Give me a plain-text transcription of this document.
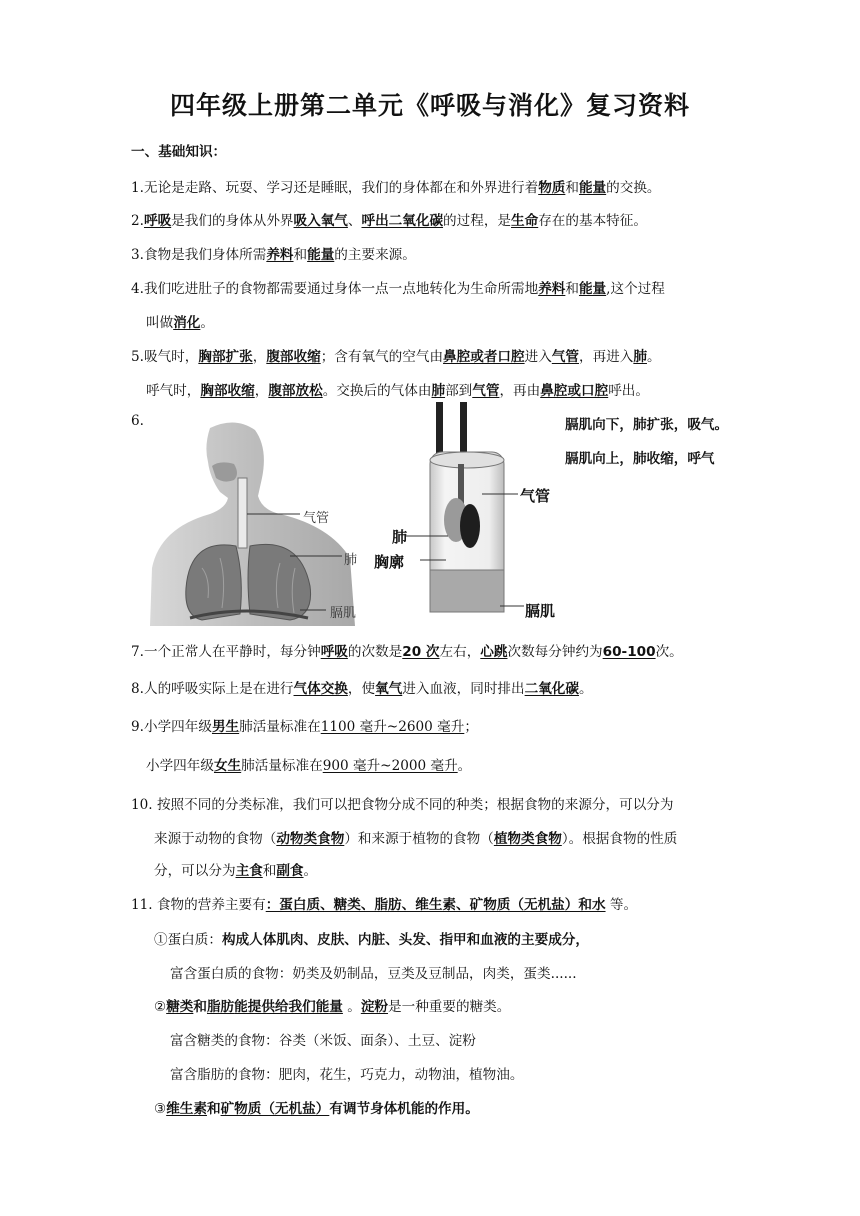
四年级上册第二单元《呼吸与消化》复习资料
一、基础知识：
1.无论是走路、玩耍、学习还是睡眠，我们的身体都在和外界进行着物质和能量的交换。
2.呼吸是我们的身体从外界吸入氧气、呼出二氧化碳的过程，是生命存在的基本特征。
3.食物是我们身体所需养料和能量的主要来源。
4.我们吃进肚子的食物都需要通过身体一点一点地转化为生命所需地养料和能量,这个过程
叫做消化。
5.吸气时，胸部扩张，腹部收缩；含有氧气的空气由鼻腔或者口腔进入气管，再进入肺。
呼气时，胸部收缩，腹部放松。交换后的气体由肺部到气管，再由鼻腔或口腔呼出。
6.	膈肌向下，肺扩张，吸气。
膈肌向上，肺收缩，呼气
气管
肺
膈肌
气管
肺
胸廓
膈肌
7.一个正常人在平静时，每分钟呼吸的次数是20 次左右，心跳次数每分钟约为60-100次。
8.人的呼吸实际上是在进行气体交换，使氧气进入血液，同时排出二氧化碳。
9.小学四年级男生肺活量标准在1100 毫升~2600 毫升；
小学四年级女生肺活量标准在900 毫升~2000 毫升。
10. 按照不同的分类标准，我们可以把食物分成不同的种类；根据食物的来源分，可以分为
来源于动物的食物（动物类食物）和来源于植物的食物（植物类食物）。根据食物的性质
分，可以分为主食和副食。
11. 食物的营养主要有：蛋白质、糖类、脂肪、维生素、矿物质（无机盐）和水 等。
①蛋白质：构成人体肌肉、皮肤、内脏、头发、指甲和血液的主要成分，
富含蛋白质的食物：奶类及奶制品，豆类及豆制品，肉类，蛋类......
②糖类和脂肪能提供给我们能量 。淀粉是一种重要的糖类。
富含糖类的食物：谷类（米饭、面条）、土豆、淀粉
富含脂肪的食物：肥肉，花生，巧克力，动物油，植物油。
③维生素和矿物质（无机盐）有调节身体机能的作用。
